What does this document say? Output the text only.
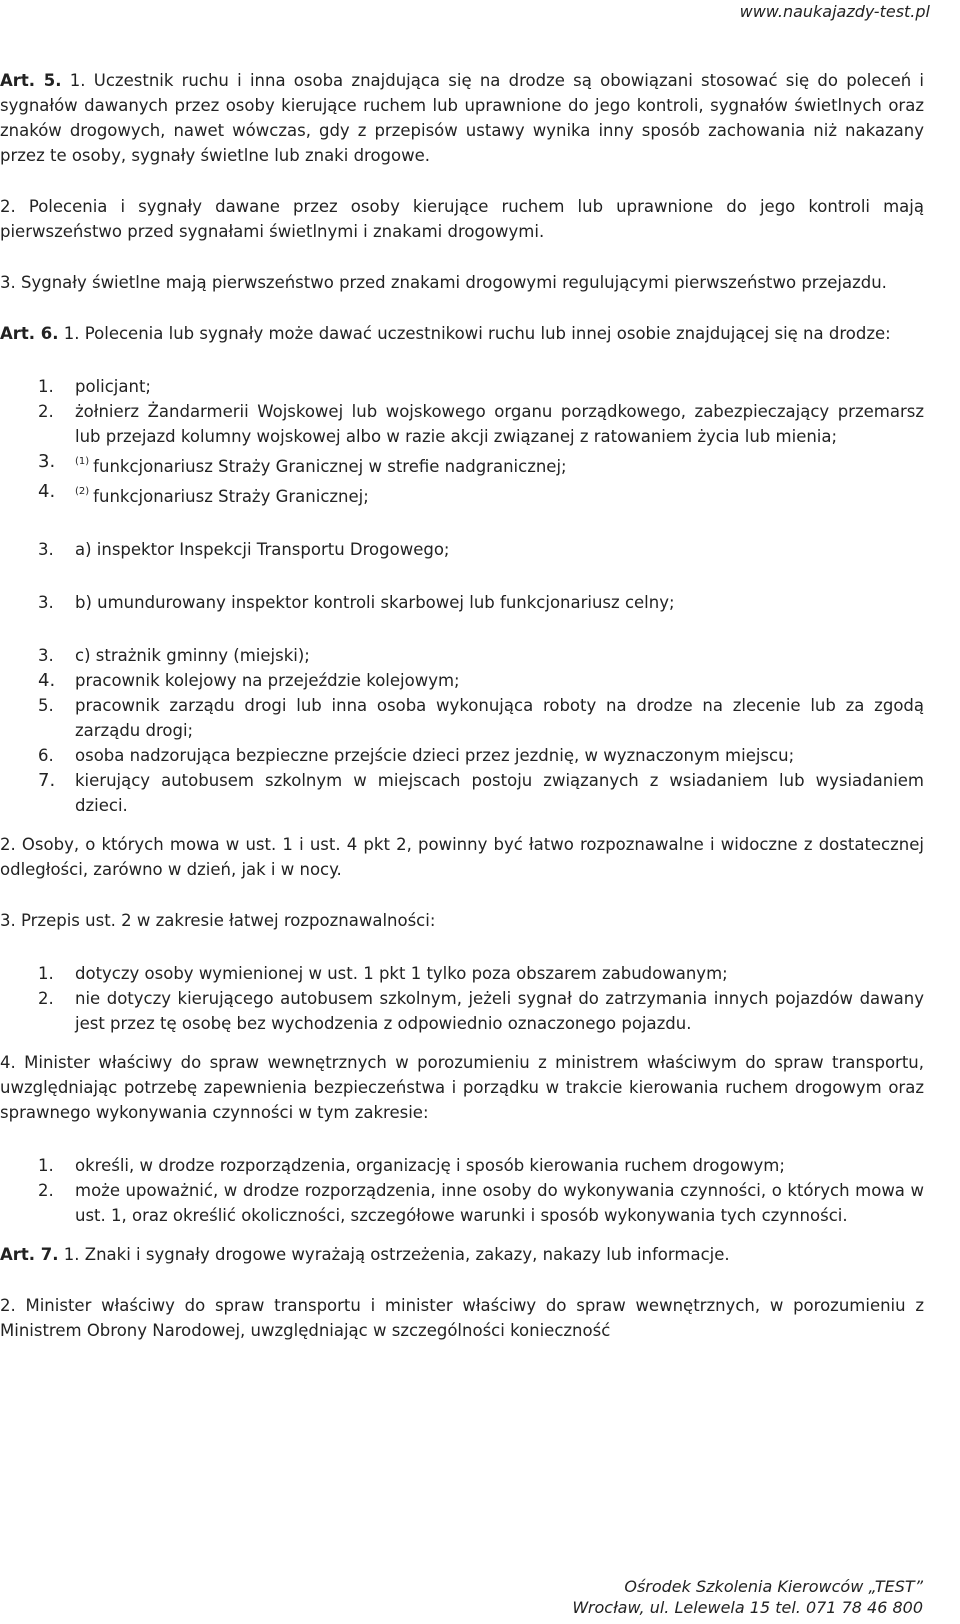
www.naukajazdy-test.pl

Art. 5. 1. Uczestnik ruchu i inna osoba znajdująca się na drodze są obowiązani stosować się do poleceń i sygnałów dawanych przez osoby kierujące ruchem lub uprawnione do jego kontroli, sygnałów świetlnych oraz znaków drogowych, nawet wówczas, gdy z przepisów ustawy wynika inny sposób zachowania niż nakazany przez te osoby, sygnały świetlne lub znaki drogowe.

2. Polecenia i sygnały dawane przez osoby kierujące ruchem lub uprawnione do jego kontroli mają pierwszeństwo przed sygnałami świetlnymi i znakami drogowymi.

3. Sygnały świetlne mają pierwszeństwo przed znakami drogowymi regulującymi pierwszeństwo przejazdu.

Art. 6. 1. Polecenia lub sygnały może dawać uczestnikowi ruchu lub innej osobie znajdującej się na drodze:

1. policjant;
2. żołnierz Żandarmerii Wojskowej lub wojskowego organu porządkowego, zabezpieczający przemarsz lub przejazd kolumny wojskowej albo w razie akcji związanej z ratowaniem życia lub mienia;
3. $^{(1)}$ funkcjonariusz Straży Granicznej w strefie nadgranicznej;
4. $^{(2)}$ funkcjonariusz Straży Granicznej;
3. a) inspektor Inspekcji Transportu Drogowego;
3. b) umundurowany inspektor kontroli skarbowej lub funkcjonariusz celny;
3. c) strażnik gminny (miejski);
4. pracownik kolejowy na przejeździe kolejowym;
5. pracownik zarządu drogi lub inna osoba wykonująca roboty na drodze na zlecenie lub za zgodą zarządu drogi;
6. osoba nadzorująca bezpieczne przejście dzieci przez jezdnię, w wyznaczonym miejscu;
7. kierujący autobusem szkolnym w miejscach postoju związanych z wsiadaniem lub wysiadaniem dzieci.

2. Osoby, o których mowa w ust. 1 i ust. 4 pkt 2, powinny być łatwo rozpoznawalne i widoczne z dostatecznej odległości, zarówno w dzień, jak i w nocy.

3. Przepis ust. 2 w zakresie łatwej rozpoznawalności:

1. dotyczy osoby wymienionej w ust. 1 pkt 1 tylko poza obszarem zabudowanym;
2. nie dotyczy kierującego autobusem szkolnym, jeżeli sygnał do zatrzymania innych pojazdów dawany jest przez tę osobę bez wychodzenia z odpowiednio oznaczonego pojazdu.

4. Minister właściwy do spraw wewnętrznych w porozumieniu z ministrem właściwym do spraw transportu, uwzględniając potrzebę zapewnienia bezpieczeństwa i porządku w trakcie kierowania ruchem drogowym oraz sprawnego wykonywania czynności w tym zakresie:

1. określi, w drodze rozporządzenia, organizację i sposób kierowania ruchem drogowym;
2. może upoważnić, w drodze rozporządzenia, inne osoby do wykonywania czynności, o których mowa w ust. 1, oraz określić okoliczności, szczegółowe warunki i sposób wykonywania tych czynności.

Art. 7. 1. Znaki i sygnały drogowe wyrażają ostrzeżenia, zakazy, nakazy lub informacje.

2. Minister właściwy do spraw transportu i minister właściwy do spraw wewnętrznych, w porozumieniu z Ministrem Obrony Narodowej, uwzględniając w szczególności konieczność

Ośrodek Szkolenia Kierowców „TEST”
Wrocław, ul. Lelewela 15 tel. 071 78 46 800
